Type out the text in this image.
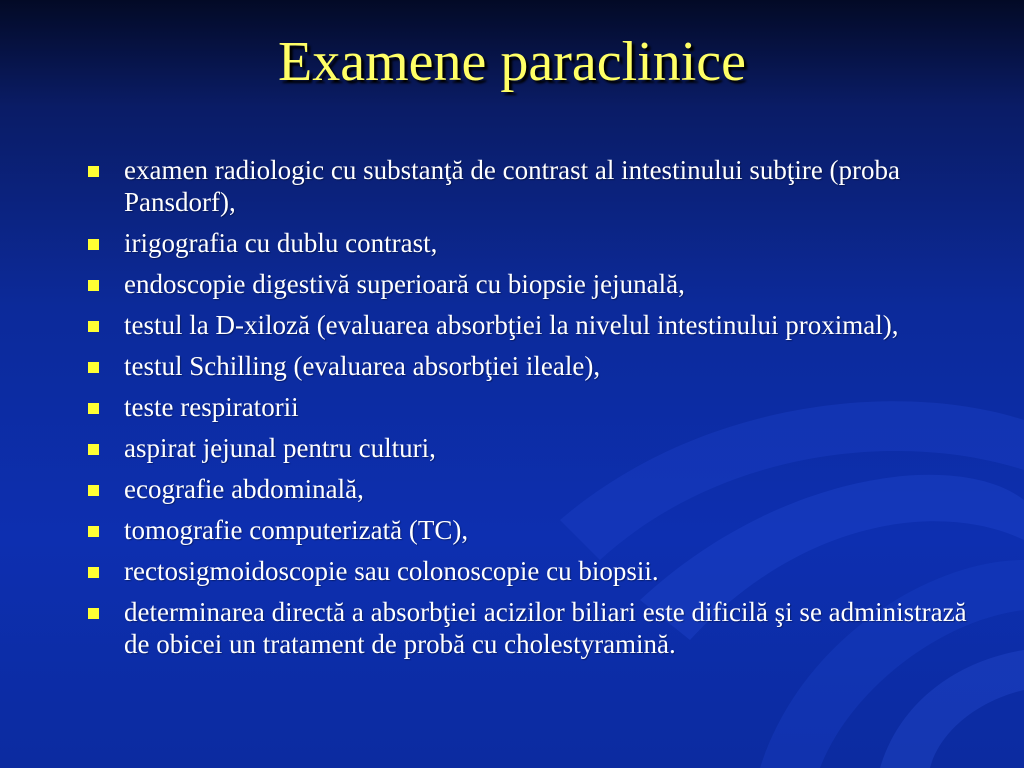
Examene paraclinice
examen radiologic cu substanţă de contrast al intestinului subţire (proba Pansdorf),
irigografia cu dublu contrast,
endoscopie digestivă superioară cu biopsie jejunală,
testul la D-xiloză (evaluarea absorbţiei la nivelul intestinului proximal),
testul Schilling (evaluarea absorbţiei ileale),
teste respiratorii
aspirat jejunal pentru culturi,
ecografie abdominală,
tomografie computerizată (TC),
rectosigmoidoscopie sau colonoscopie cu biopsii.
determinarea directă a absorbţiei acizilor biliari este dificilă şi se administrază de obicei un tratament de probă cu cholestyramină.
